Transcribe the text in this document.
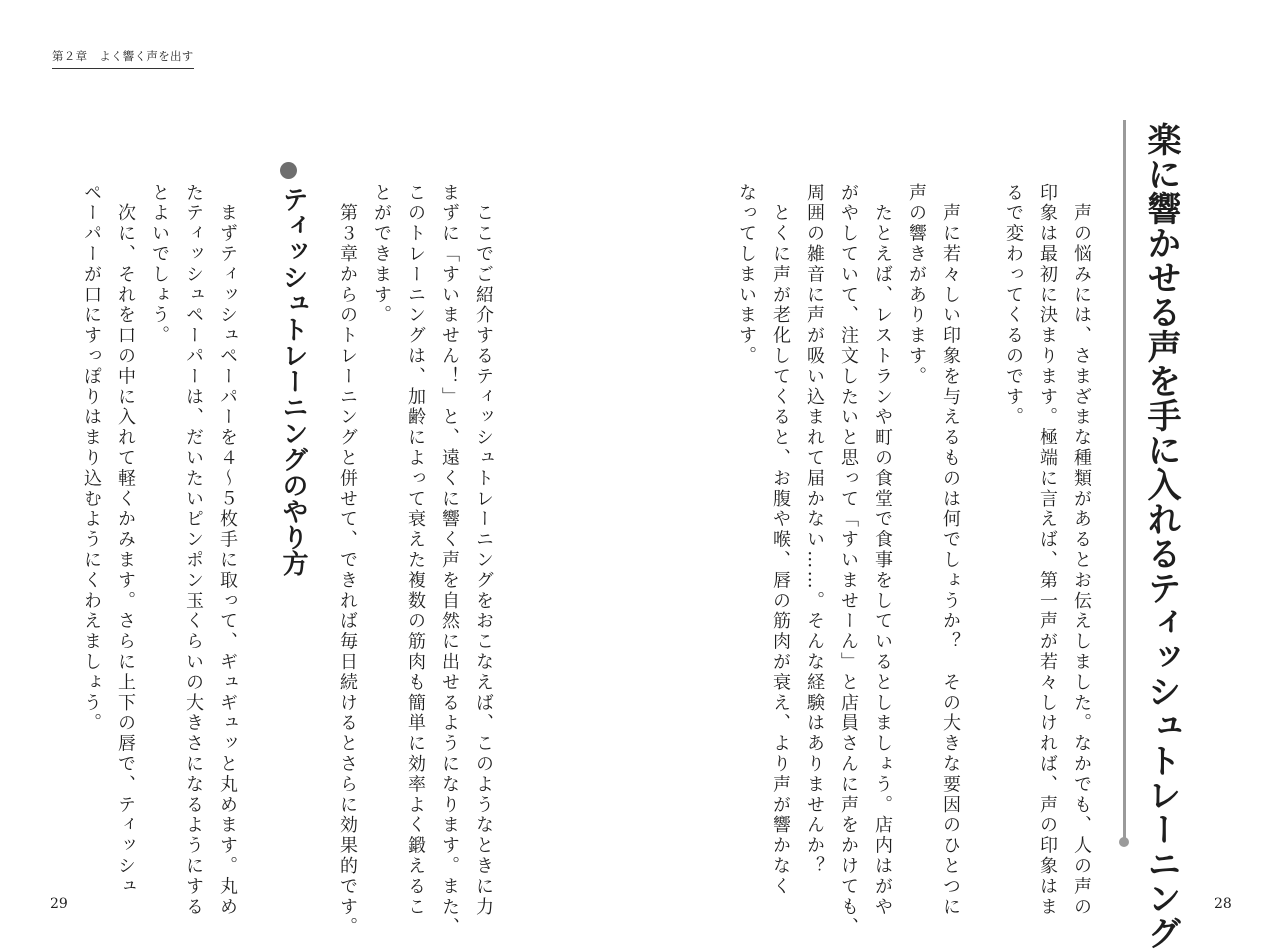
第２章　よく響く声を出す
楽に響かせる声を手に入れるティッシュトレーニング
　声の悩みには、さまざまな種類があるとお伝えしました。なかでも、人の声の
印象は最初に決まります。極端に言えば、第一声が若々しければ、声の印象はま
るで変わってくるのです。
　声に若々しい印象を与えるものは何でしょうか？　その大きな要因のひとつに
声の響きがあります。
　たとえば、レストランや町の食堂で食事をしているとしましょう。店内はがや
がやしていて、注文したいと思って「すいませーん」と店員さんに声をかけても、
周囲の雑音に声が吸い込まれて届かない……。そんな経験はありませんか？
　とくに声が老化してくると、お腹や喉、唇の筋肉が衰え、より声が響かなく
なってしまいます。
　ここでご紹介するティッシュトレーニングをおこなえば、このようなときに力
まずに「すいません！」と、遠くに響く声を自然に出せるようになります。また、
このトレーニングは、加齢によって衰えた複数の筋肉も簡単に効率よく鍛えるこ
とができます。
　第３章からのトレーニングと併せて、できれば毎日続けるとさらに効果的です。
ティッシュトレーニングのやり方
　まずティッシュペーパーを４〜５枚手に取って、ギュギュッと丸めます。丸め
たティッシュペーパーは、だいたいピンポン玉くらいの大きさになるようにする
とよいでしょう。
　次に、それを口の中に入れて軽くかみます。さらに上下の唇で、ティッシュ
ペーパーが口にすっぽりはまり込むようにくわえましょう。
29	28
